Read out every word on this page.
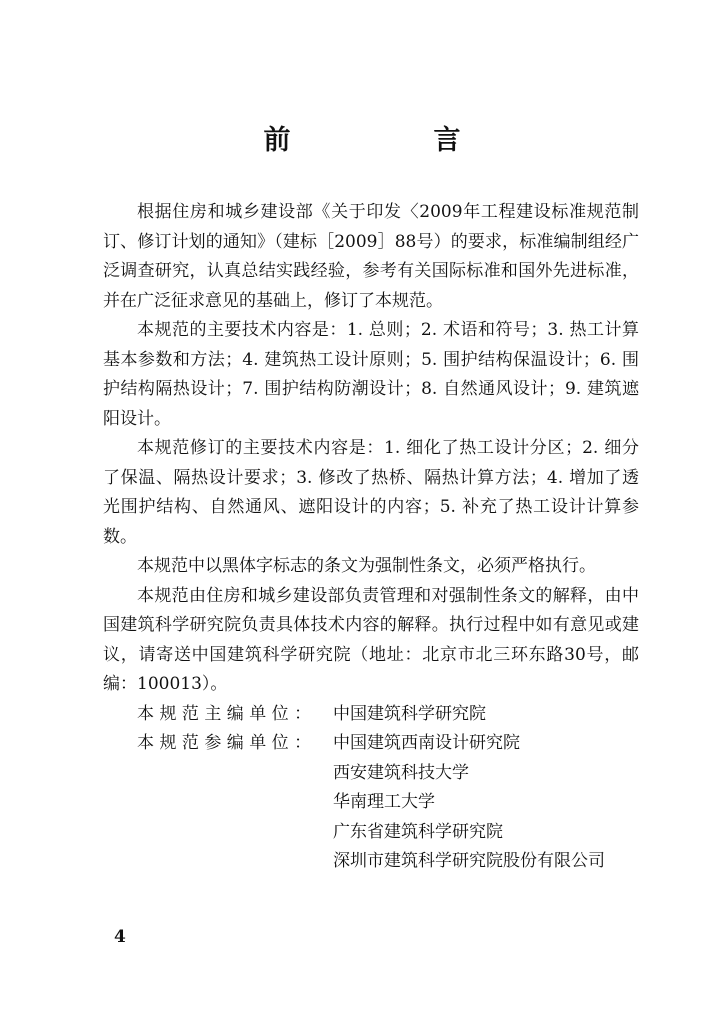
前　言

根据住房和城乡建设部《关于印发〈2009年工程建设标准规范制订、修订计划的通知》（建标［2009］88号）的要求，标准编制组经广泛调查研究，认真总结实践经验，参考有关国际标准和国外先进标准，并在广泛征求意见的基础上，修订了本规范。

本规范的主要技术内容是：1. 总则；2. 术语和符号；3. 热工计算基本参数和方法；4. 建筑热工设计原则；5. 围护结构保温设计；6. 围护结构隔热设计；7. 围护结构防潮设计；8. 自然通风设计；9. 建筑遮阳设计。

本规范修订的主要技术内容是：1. 细化了热工设计分区；2. 细分了保温、隔热设计要求；3. 修改了热桥、隔热计算方法；4. 增加了透光围护结构、自然通风、遮阳设计的内容；5. 补充了热工设计计算参数。

本规范中以黑体字标志的条文为强制性条文，必须严格执行。

本规范由住房和城乡建设部负责管理和对强制性条文的解释，由中国建筑科学研究院负责具体技术内容的解释。执行过程中如有意见或建议，请寄送中国建筑科学研究院（地址：北京市北三环东路30号，邮编：100013）。

本规范主编单位： 中国建筑科学研究院
本规范参编单位： 中国建筑西南设计研究院
西安建筑科技大学
华南理工大学
广东省建筑科学研究院
深圳市建筑科学研究院股份有限公司
4
